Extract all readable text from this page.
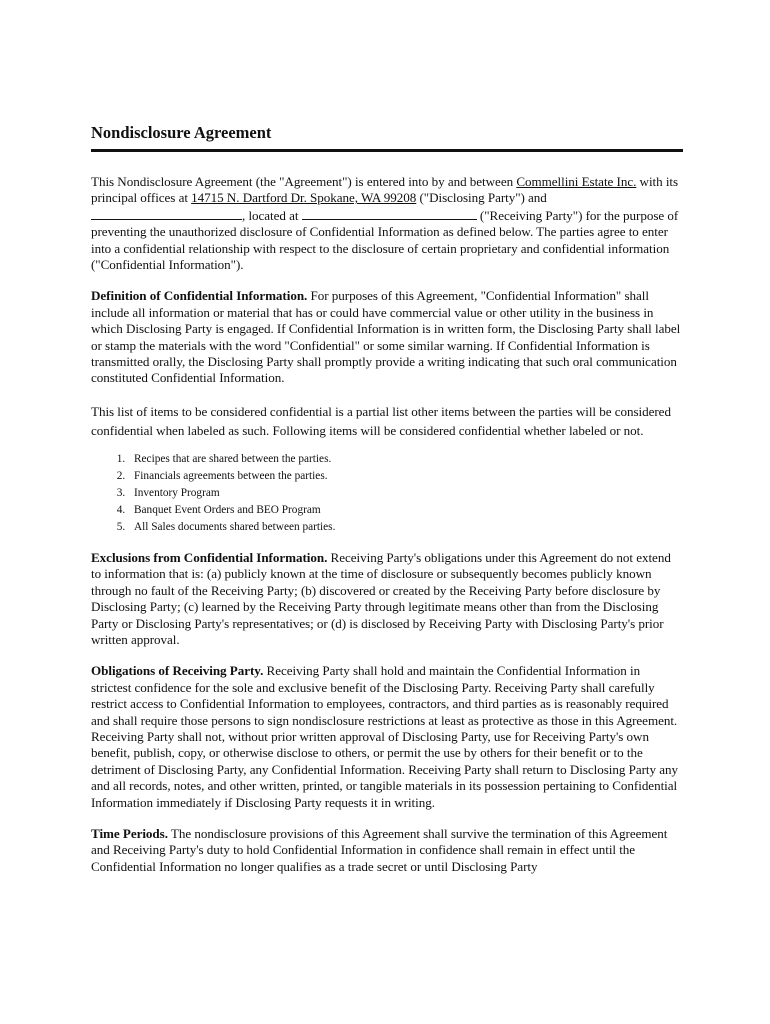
Nondisclosure Agreement

This Nondisclosure Agreement (the "Agreement") is entered into by and between Commellini Estate Inc. with its principal offices at 14715 N. Dartford Dr. Spokane, WA 99208 ("Disclosing Party") and
, located at	("Receiving Party") for the purpose of preventing the unauthorized disclosure of Confidential Information as defined below. The parties agree to enter into a confidential relationship with respect to the disclosure of certain proprietary and confidential information ("Confidential Information").

Definition of Confidential Information. For purposes of this Agreement, "Confidential Information" shall include all information or material that has or could have commercial value or other utility in the business in which Disclosing Party is engaged. If Confidential Information is in written form, the Disclosing Party shall label or stamp the materials with the word "Confidential" or some similar warning. If Confidential Information is transmitted orally, the Disclosing Party shall promptly provide a writing indicating that such oral communication constituted Confidential Information.

This list of items to be considered confidential is a partial list other items between the parties will be considered confidential when labeled as such. Following items will be considered confidential whether labeled or not.

1. Recipes that are shared between the parties.
2. Financials agreements between the parties.
3. Inventory Program
4. Banquet Event Orders and BEO Program
5. All Sales documents shared between parties.

Exclusions from Confidential Information. Receiving Party's obligations under this Agreement do not extend to information that is: (a) publicly known at the time of disclosure or subsequently becomes publicly known through no fault of the Receiving Party; (b) discovered or created by the Receiving Party before disclosure by Disclosing Party; (c) learned by the Receiving Party through legitimate means other than from the Disclosing Party or Disclosing Party's representatives; or (d) is disclosed by Receiving Party with Disclosing Party's prior written approval.

Obligations of Receiving Party. Receiving Party shall hold and maintain the Confidential Information in strictest confidence for the sole and exclusive benefit of the Disclosing Party. Receiving Party shall carefully restrict access to Confidential Information to employees, contractors, and third parties as is reasonably required and shall require those persons to sign nondisclosure restrictions at least as protective as those in this Agreement. Receiving Party shall not, without prior written approval of Disclosing Party, use for Receiving Party's own benefit, publish, copy, or otherwise disclose to others, or permit the use by others for their benefit or to the detriment of Disclosing Party, any Confidential Information. Receiving Party shall return to Disclosing Party any and all records, notes, and other written, printed, or tangible materials in its possession pertaining to Confidential Information immediately if Disclosing Party requests it in writing.

Time Periods. The nondisclosure provisions of this Agreement shall survive the termination of this Agreement and Receiving Party's duty to hold Confidential Information in confidence shall remain in effect until the Confidential Information no longer qualifies as a trade secret or until Disclosing Party
